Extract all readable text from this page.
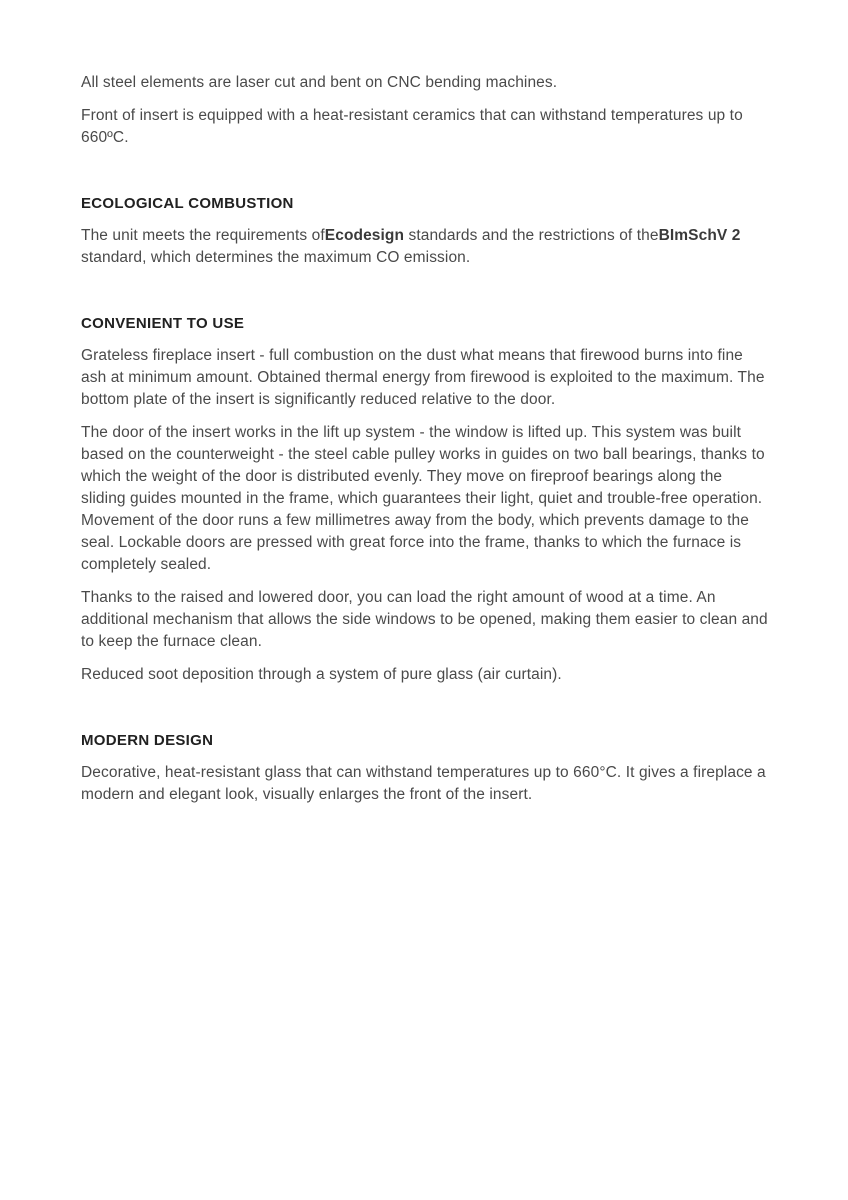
All steel elements are laser cut and bent on CNC bending machines.

Front of insert is equipped with a heat-resistant ceramics that can withstand temperatures up to 660ºC.

ECOLOGICAL COMBUSTION

The unit meets the requirements ofEcodesign standards and the restrictions of theBImSchV 2 standard, which determines the maximum CO emission.

CONVENIENT TO USE

Grateless fireplace insert - full combustion on the dust what means that firewood burns into fine ash at minimum amount. Obtained thermal energy from firewood is exploited to the maximum. The bottom plate of the insert is significantly reduced relative to the door.

The door of the insert works in the lift up system - the window is lifted up. This system was built based on the counterweight - the steel cable pulley works in guides on two ball bearings, thanks to which the weight of the door is distributed evenly. They move on fireproof bearings along the sliding guides mounted in the frame, which guarantees their light, quiet and trouble-free operation. Movement of the door runs a few millimetres away from the body, which prevents damage to the seal. Lockable doors are pressed with great force into the frame, thanks to which the furnace is completely sealed.

Thanks to the raised and lowered door, you can load the right amount of wood at a time. An additional mechanism that allows the side windows to be opened, making them easier to clean and to keep the furnace clean.

Reduced soot deposition through a system of pure glass (air curtain).

MODERN DESIGN

Decorative, heat-resistant glass that can withstand temperatures up to 660°C. It gives a fireplace a modern and elegant look, visually enlarges the front of the insert.
